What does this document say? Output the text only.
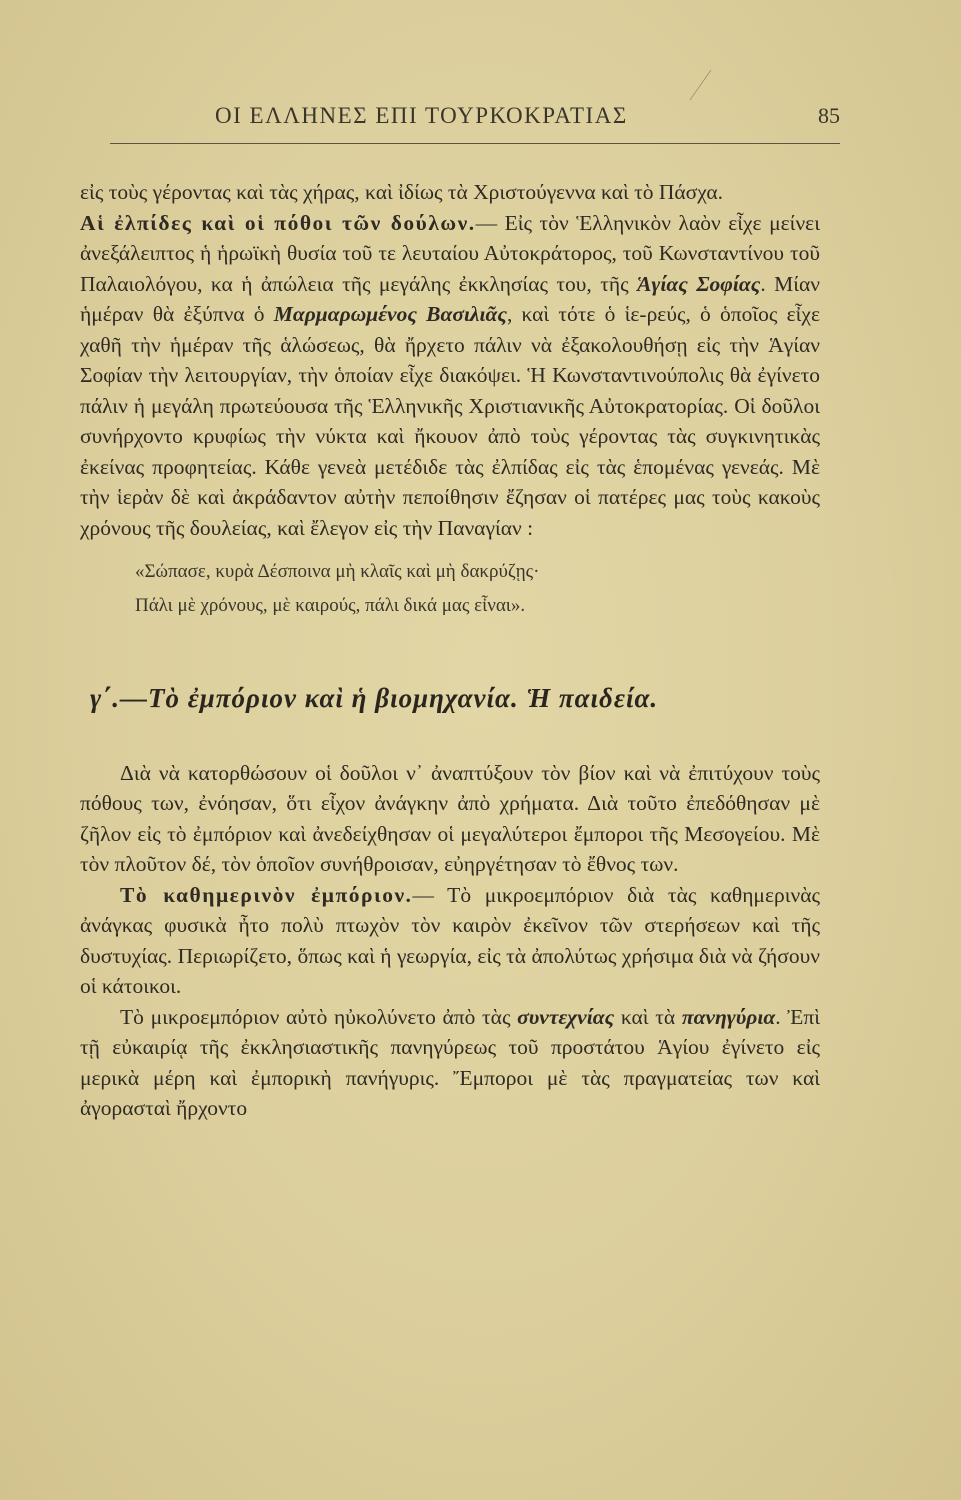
ΟΙ ΕΛΛΗΝΕΣ ΕΠΙ ΤΟΥΡΚΟΚΡΑΤΙΑΣ	85

εἰς τοὺς γέροντας καὶ τὰς χήρας, καὶ ἰδίως τὰ Χριστούγεννα καὶ τὸ Πάσχα.

Αἱ ἐλπίδες καὶ οἱ πόθοι τῶν δούλων.— Εἰς τὸν Ἑλληνικὸν λαὸν εἶχε μείνει ἀνεξάλειπτος ἡ ἡρωϊκὴ θυσία τοῦ τε λευταίου Αὐτοκράτορος, τοῦ Κωνσταντίνου τοῦ Παλαιολόγου, κα ἡ ἀπώλεια τῆς μεγάλης ἐκκλησίας του, τῆς Ἁγίας Σοφίας. Μίαν ἡμέραν θὰ ἐξύπνα ὁ Μαρμαρωμένος Βασιλιᾶς, καὶ τότε ὁ ἱε-ρεύς, ὁ ὁποῖος εἶχε χαθῆ τὴν ἡμέραν τῆς ἁλώσεως, θὰ ἤρχετο πάλιν νὰ ἐξακολουθήσῃ εἰς τὴν Ἁγίαν Σοφίαν τὴν λειτουργίαν, τὴν ὁποίαν εἶχε διακόψει. Ἡ Κωνσταντινούπολις θὰ ἐγίνετο πάλιν ἡ μεγάλη πρωτεύουσα τῆς Ἑλληνικῆς Χριστιανικῆς Αὐτοκρατορίας. Οἱ δοῦλοι συνήρχοντο κρυφίως τὴν νύκτα καὶ ἤκουον ἀπὸ τοὺς γέροντας τὰς συγκινητικὰς ἐκείνας προφητείας. Κάθε γενεὰ μετέδιδε τὰς ἐλπίδας εἰς τὰς ἑπομένας γενεάς. Μὲ τὴν ἱερὰν δὲ καὶ ἀκράδαντον αὐτὴν πεποίθησιν ἔζησαν οἱ πατέρες μας τοὺς κακοὺς χρόνους τῆς δουλείας, καὶ ἔλεγον εἰς τὴν Παναγίαν :

«Σώπασε, κυρὰ Δέσποινα μὴ κλαῖς καὶ μὴ δακρύζῃς·
Πάλι μὲ χρόνους, μὲ καιρούς, πάλι δικά μας εἶναι».
γ΄.—Τὸ ἐμπόριον καὶ ἡ βιομηχανία. Ἡ παιδεία.

Διὰ νὰ κατορθώσουν οἱ δοῦλοι ν᾿ ἀναπτύξουν τὸν βίον καὶ νὰ ἐπιτύχουν τοὺς πόθους των, ἐνόησαν, ὅτι εἶχον ἀνάγκην ἀπὸ χρήματα. Διὰ τοῦτο ἐπεδόθησαν μὲ ζῆλον εἰς τὸ ἐμπόριον καὶ ἀνεδείχθησαν οἱ μεγαλύτεροι ἔμποροι τῆς Μεσογείου. Μὲ τὸν πλοῦτον δέ, τὸν ὁποῖον συνήθροισαν, εὐηργέτησαν τὸ ἔθνος των.

Τὸ καθημερινὸν ἐμπόριον.— Τὸ μικροεμπόριον διὰ τὰς καθημερινὰς ἀνάγκας φυσικὰ ἦτο πολὺ πτωχὸν τὸν καιρὸν ἐκεῖνον τῶν στερήσεων καὶ τῆς δυστυχίας. Περιωρίζετο, ὅπως καὶ ἡ γεωργία, εἰς τὰ ἀπολύτως χρήσιμα διὰ νὰ ζήσουν οἱ κάτοικοι.

Τὸ μικροεμπόριον αὐτὸ ηὐκολύνετο ἀπὸ τὰς συντεχνίας καὶ τὰ πανηγύρια. Ἐπὶ τῇ εὐκαιρίᾳ τῆς ἐκκλησιαστικῆς πανηγύρεως τοῦ προστάτου Ἁγίου ἐγίνετο εἰς μερικὰ μέρη καὶ ἐμπορικὴ πανήγυρις. Ἔμποροι μὲ τὰς πραγματείας των καὶ ἀγορασταὶ ἤρχοντο
